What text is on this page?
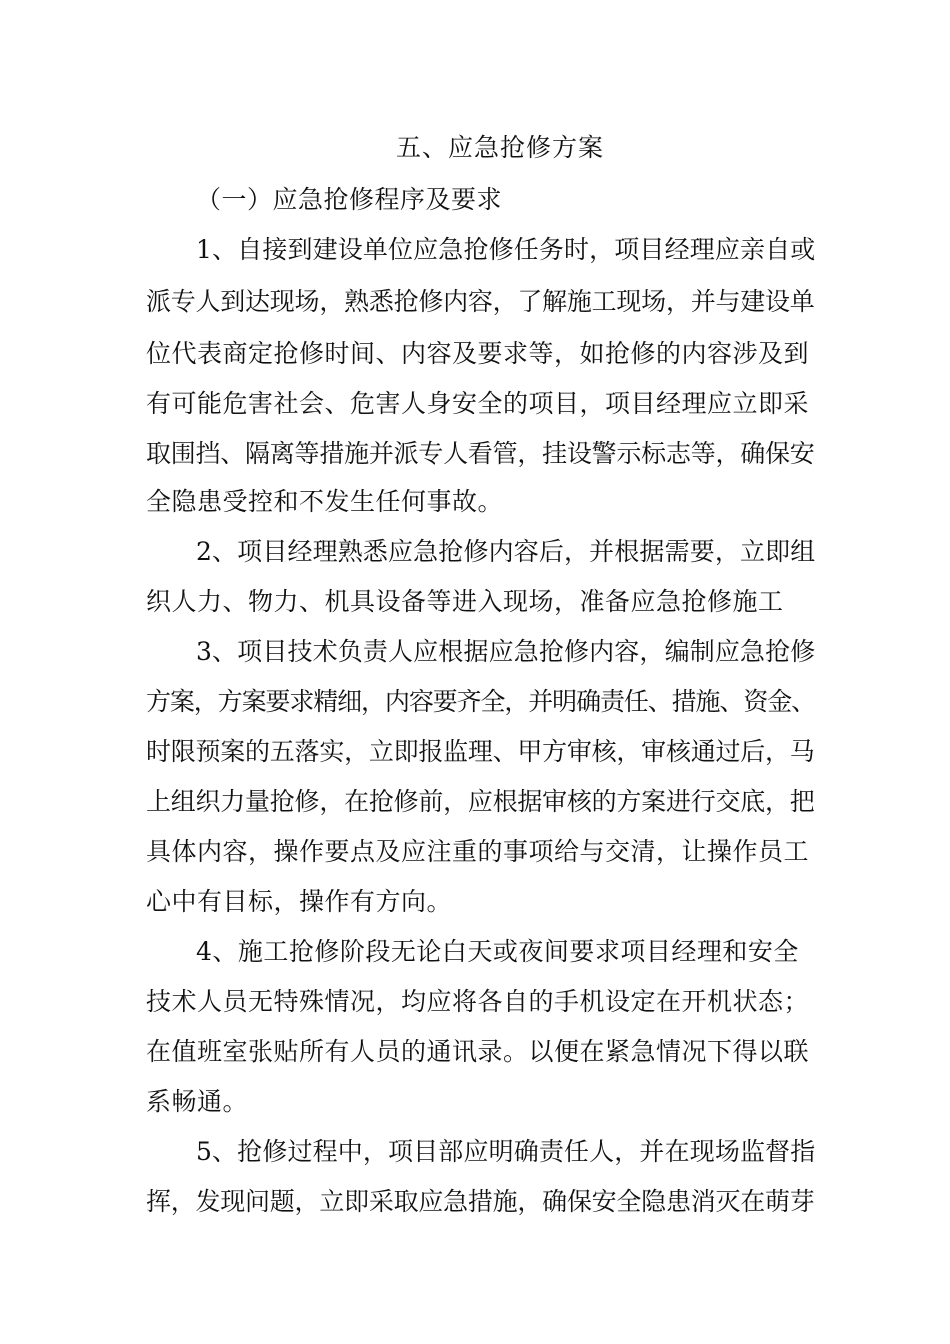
五、应急抢修方案
（一）应急抢修程序及要求
1、自接到建设单位应急抢修任务时，项目经理应亲自或
派专人到达现场，熟悉抢修内容，了解施工现场，并与建设单
位代表商定抢修时间、内容及要求等，如抢修的内容涉及到
有可能危害社会、危害人身安全的项目，项目经理应立即采
取围挡、隔离等措施并派专人看管，挂设警示标志等，确保安
全隐患受控和不发生任何事故。
2、项目经理熟悉应急抢修内容后，并根据需要，立即组
织人力、物力、机具设备等进入现场，准备应急抢修施工
3、项目技术负责人应根据应急抢修内容，编制应急抢修
方案，方案要求精细，内容要齐全，并明确责任、措施、资金、
时限预案的五落实，立即报监理、甲方审核，审核通过后，马
上组织力量抢修，在抢修前，应根据审核的方案进行交底，把
具体内容，操作要点及应注重的事项给与交清，让操作员工
心中有目标，操作有方向。
4、施工抢修阶段无论白天或夜间要求项目经理和安全
技术人员无特殊情况，均应将各自的手机设定在开机状态；
在值班室张贴所有人员的通讯录。以便在紧急情况下得以联
系畅通。
5、抢修过程中，项目部应明确责任人，并在现场监督指
挥，发现问题，立即采取应急措施，确保安全隐患消灭在萌芽
